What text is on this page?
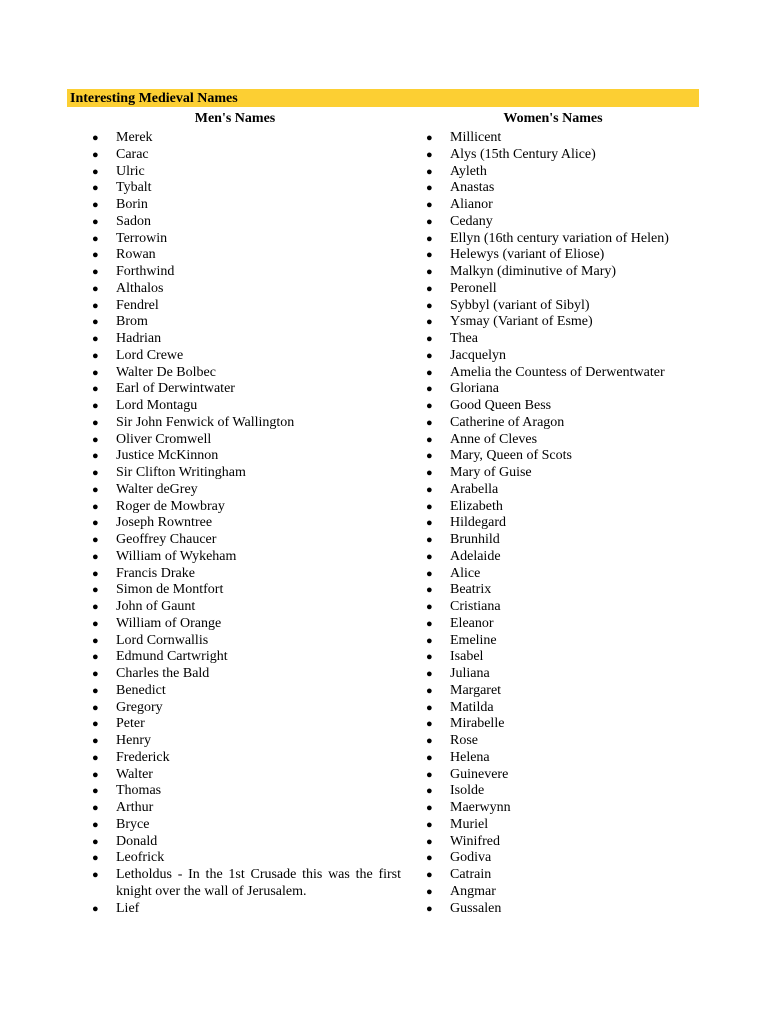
Interesting Medieval Names
Men's Names	Women's Names
● Merek
● Carac
● Ulric
● Tybalt
● Borin
● Sadon
● Terrowin
● Rowan
● Forthwind
● Althalos
● Fendrel
● Brom
● Hadrian
● Lord Crewe
● Walter De Bolbec
● Earl of Derwintwater
● Lord Montagu
● Sir John Fenwick of Wallington
● Oliver Cromwell
● Justice McKinnon
● Sir Clifton Writingham
● Walter deGrey
● Roger de Mowbray
● Joseph Rowntree
● Geoffrey Chaucer
● William of Wykeham
● Francis Drake
● Simon de Montfort
● John of Gaunt
● William of Orange
● Lord Cornwallis
● Edmund Cartwright
● Charles the Bald
● Benedict
● Gregory
● Peter
● Henry
● Frederick
● Walter
● Thomas
● Arthur
● Bryce
● Donald
● Leofrick
● Letholdus - In the 1st Crusade this was the first knight over the wall of Jerusalem.
● Lief
● Millicent
● Alys (15th Century Alice)
● Ayleth
● Anastas
● Alianor
● Cedany
● Ellyn (16th century variation of Helen)
● Helewys (variant of Eliose)
● Malkyn (diminutive of Mary)
● Peronell
● Sybbyl (variant of Sibyl)
● Ysmay (Variant of Esme)
● Thea
● Jacquelyn
● Amelia the Countess of Derwentwater
● Gloriana
● Good Queen Bess
● Catherine of Aragon
● Anne of Cleves
● Mary, Queen of Scots
● Mary of Guise
● Arabella
● Elizabeth
● Hildegard
● Brunhild
● Adelaide
● Alice
● Beatrix
● Cristiana
● Eleanor
● Emeline
● Isabel
● Juliana
● Margaret
● Matilda
● Mirabelle
● Rose
● Helena
● Guinevere
● Isolde
● Maerwynn
● Muriel
● Winifred
● Godiva
● Catrain
● Angmar
● Gussalen
